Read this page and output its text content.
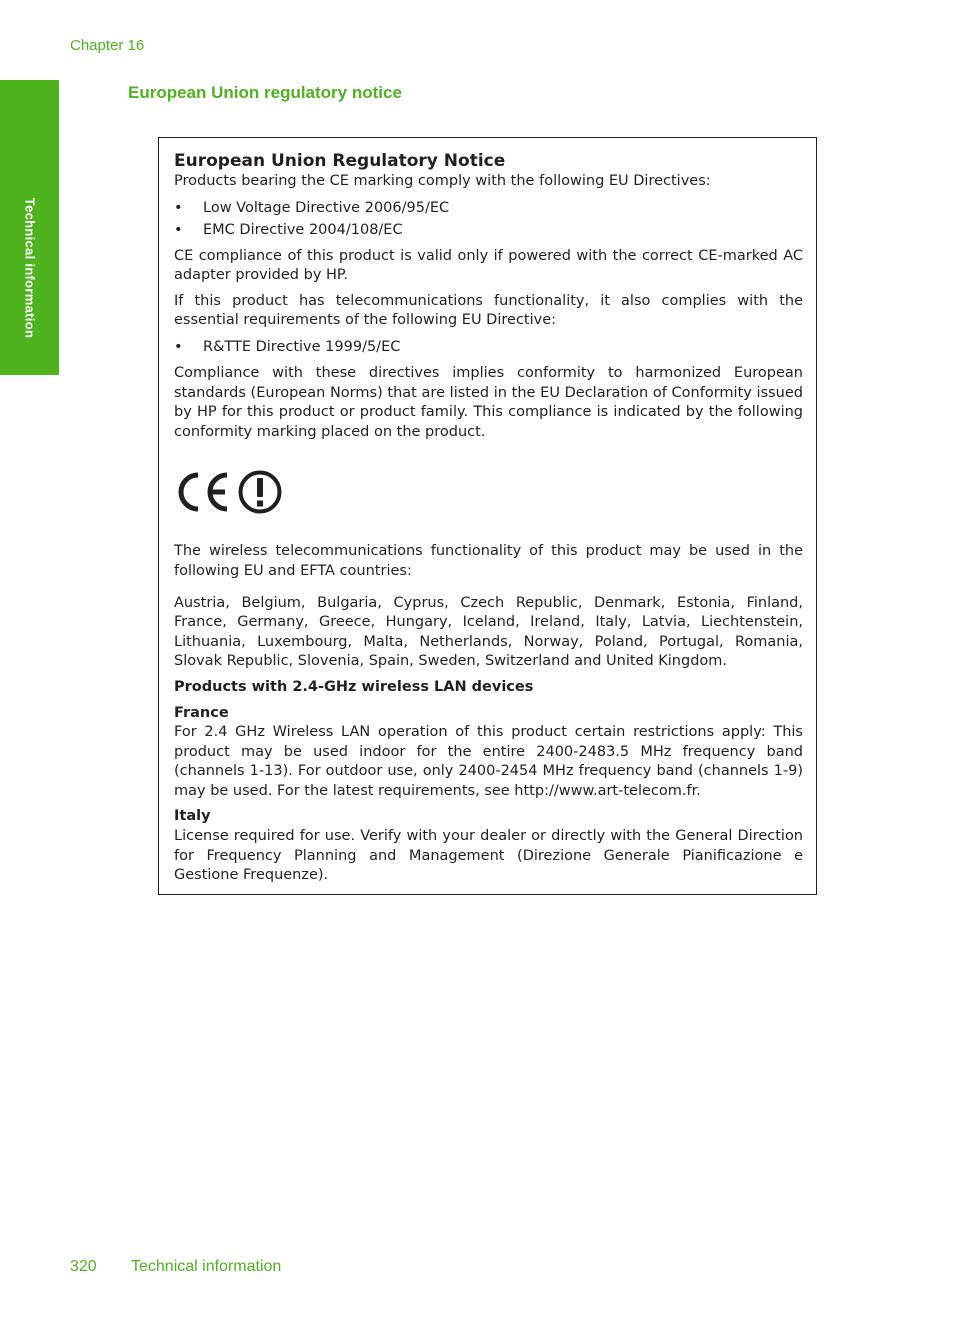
Chapter 16
Technical information
European Union regulatory notice

European Union Regulatory Notice

Products bearing the CE marking comply with the following EU Directives:

• Low Voltage Directive 2006/95/EC
• EMC Directive 2004/108/EC

CE compliance of this product is valid only if powered with the correct CE-marked AC adapter provided by HP.

If this product has telecommunications functionality, it also complies with the essential requirements of the following EU Directive:

• R&TTE Directive 1999/5/EC

Compliance with these directives implies conformity to harmonized European standards (European Norms) that are listed in the EU Declaration of Conformity issued by HP for this product or product family. This compliance is indicated by the following conformity marking placed on the product.

The wireless telecommunications functionality of this product may be used in the following EU and EFTA countries:

Austria, Belgium, Bulgaria, Cyprus, Czech Republic, Denmark, Estonia, Finland, France, Germany, Greece, Hungary, Iceland, Ireland, Italy, Latvia, Liechtenstein, Lithuania, Luxembourg, Malta, Netherlands, Norway, Poland, Portugal, Romania, Slovak Republic, Slovenia, Spain, Sweden, Switzerland and United Kingdom.

Products with 2.4-GHz wireless LAN devices

France

For 2.4 GHz Wireless LAN operation of this product certain restrictions apply: This product may be used indoor for the entire 2400-2483.5 MHz frequency band (channels 1-13). For outdoor use, only 2400-2454 MHz frequency band (channels 1-9) may be used. For the latest requirements, see http://www.art-telecom.fr.

Italy

License required for use. Verify with your dealer or directly with the General Direction for Frequency Planning and Management (Direzione Generale Pianificazione e Gestione Frequenze).

320 Technical information
